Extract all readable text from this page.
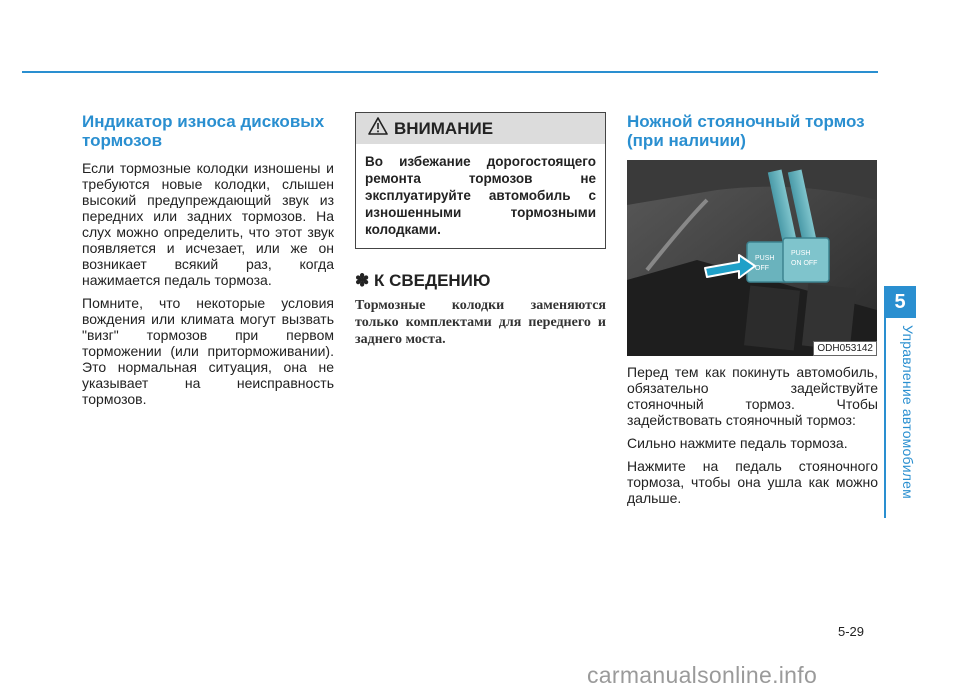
Индикатор износа дисковых тормозов

Если тормозные колодки изношены и требуются новые колодки, слышен высокий предупреждающий звук из передних или задних тормозов. На слух можно определить, что этот звук появляется и исчезает, или же он возникает всякий раз, когда нажимается педаль тормоза.

Помните, что некоторые условия вождения или климата могут вызвать "визг" тормозов при первом торможении (или приторможивании). Это нормальная ситуация, она не указывает на неисправность тормозов.

ВНИМАНИЕ
Во избежание дорогостоящего ремонта тормозов не эксплуатируйте автомобиль с изношенными тормозными колодками.
✽ К СВЕДЕНИЮ

Тормозные колодки заменяются только комплектами для переднего и заднего моста.

Ножной стояночный тормоз (при наличии)
PUSH
OFF
PUSH
ON OFF
ODH053142

Перед тем как покинуть автомобиль, обязательно задействуйте стояночный тормоз. Чтобы задействовать стояночный тормоз:

Сильно нажмите педаль тормоза.

Нажмите на педаль стояночного тормоза, чтобы она ушла как можно дальше.

5
Управление автомобилем
5-29
carmanualsonline.info
